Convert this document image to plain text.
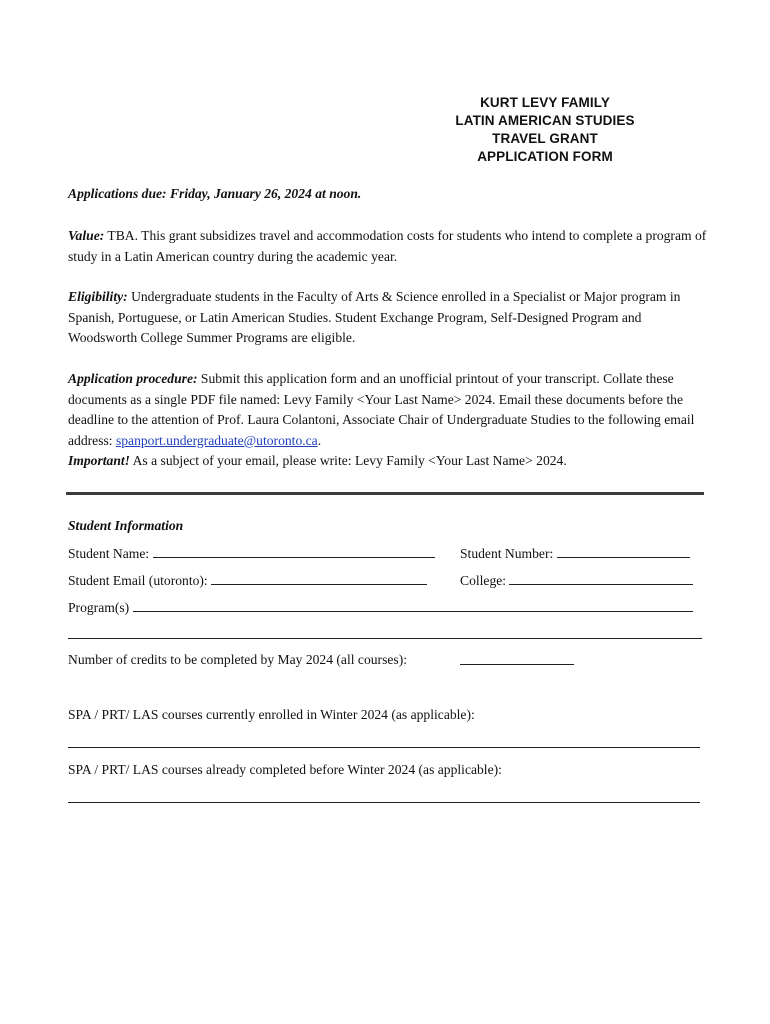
KURT LEVY FAMILY
LATIN AMERICAN STUDIES
TRAVEL GRANT
APPLICATION FORM
Applications due: Friday, January 26, 2024 at noon.
Value: TBA. This grant subsidizes travel and accommodation costs for students who intend to complete a program of study in a Latin American country during the academic year.
Eligibility: Undergraduate students in the Faculty of Arts & Science enrolled in a Specialist or Major program in Spanish, Portuguese, or Latin American Studies. Student Exchange Program, Self-Designed Program and Woodsworth College Summer Programs are eligible.
Application procedure: Submit this application form and an unofficial printout of your transcript. Collate these documents as a single PDF file named: Levy Family <Your Last Name> 2024. Email these documents before the deadline to the attention of Prof. Laura Colantoni, Associate Chair of Undergraduate Studies to the following email address: spanport.undergraduate@utoronto.ca.
Important! As a subject of your email, please write: Levy Family <Your Last Name> 2024.
Student Information
Student Name:	Student Number:
Student Email (utoronto):	College:
Program(s)
Number of credits to be completed by May 2024 (all courses):
SPA / PRT/ LAS courses currently enrolled in Winter 2024 (as applicable):
SPA / PRT/ LAS courses already completed before Winter 2024 (as applicable):
